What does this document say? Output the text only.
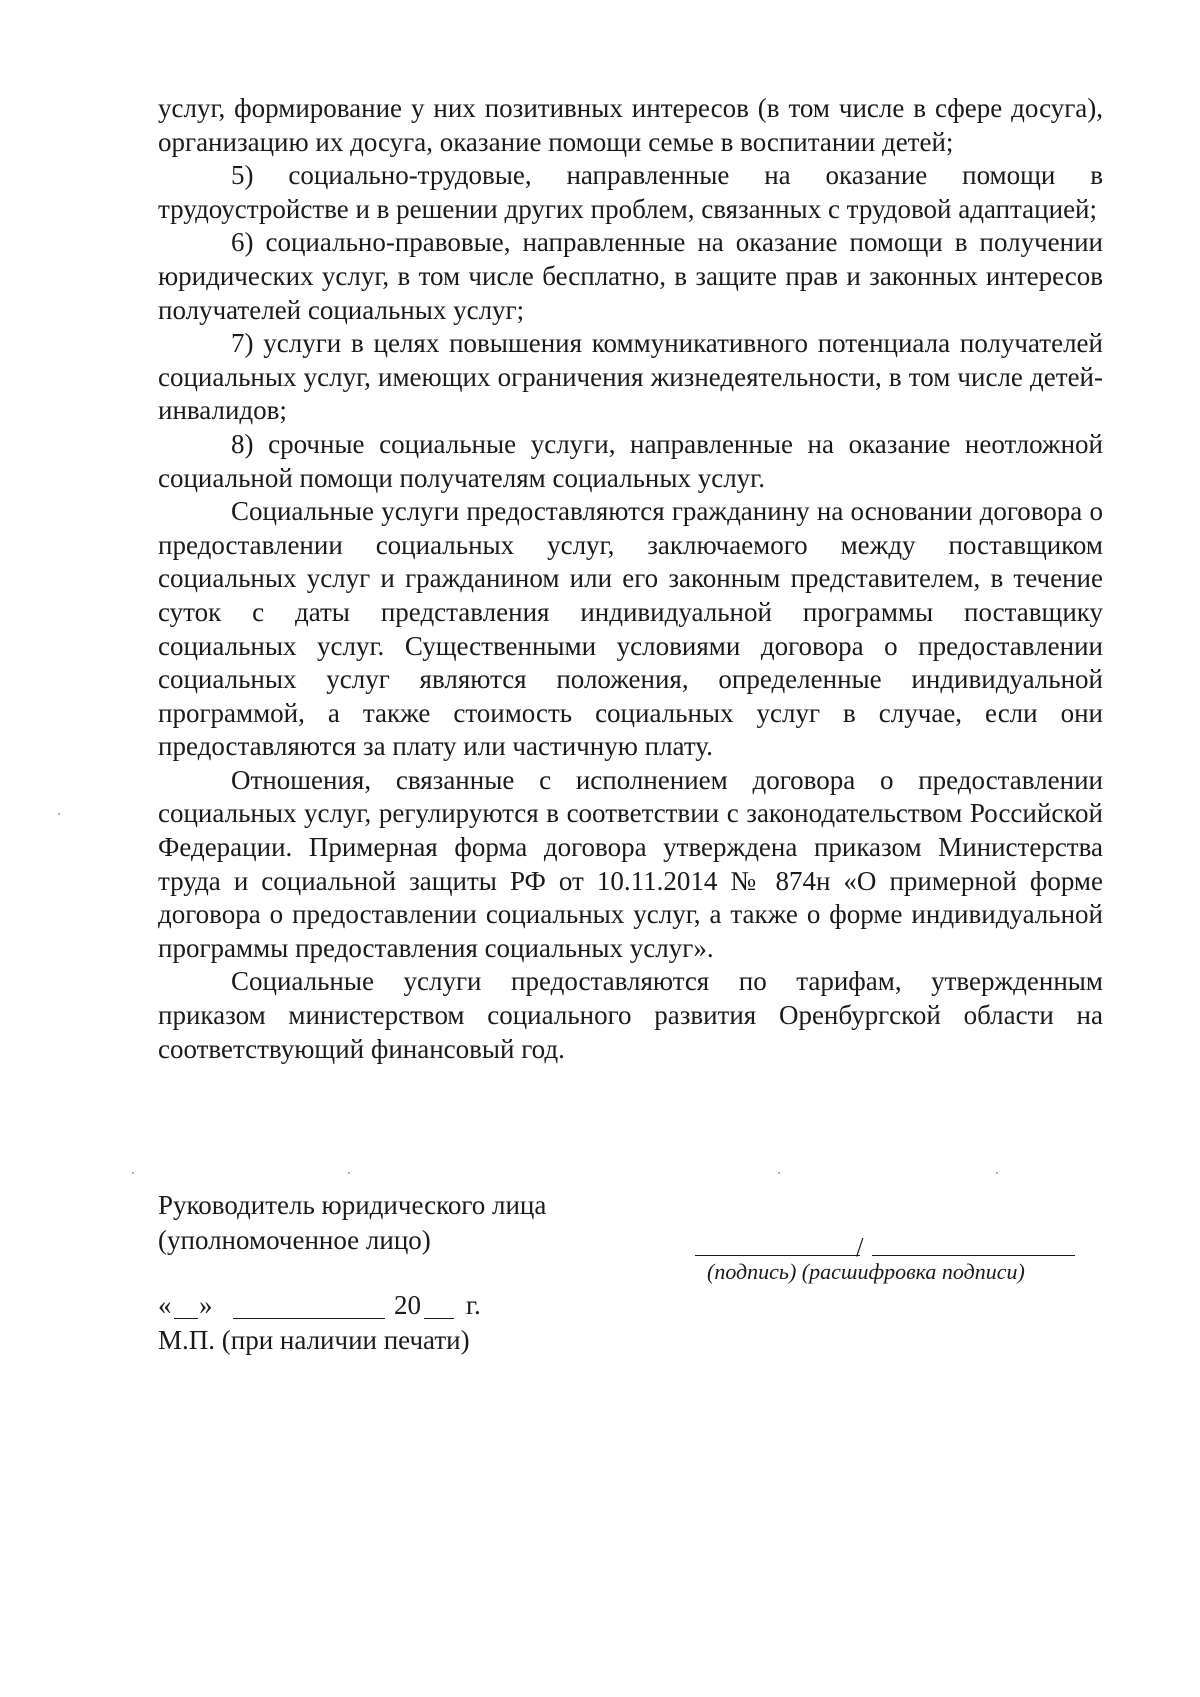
услуг, формирование у них позитивных интересов (в том числе в сфере досуга), организацию их досуга, оказание помощи семье в воспитании детей;

5) социально-трудовые, направленные на оказание помощи в трудоустройстве и в решении других проблем, связанных с трудовой адаптацией;

6) социально-правовые, направленные на оказание помощи в получении юридических услуг, в том числе бесплатно, в защите прав и законных интересов получателей социальных услуг;

7) услуги в целях повышения коммуникативного потенциала получателей социальных услуг, имеющих ограничения жизнедеятельности, в том числе детей-инвалидов;

8) срочные социальные услуги, направленные на оказание неотложной социальной помощи получателям социальных услуг.

Социальные услуги предоставляются гражданину на основании договора о предоставлении социальных услуг, заключаемого между поставщиком социальных услуг и гражданином или его законным представителем, в течение суток с даты представления индивидуальной программы поставщику социальных услуг. Существенными условиями договора о предоставлении социальных услуг являются положения, определенные индивидуальной программой, а также стоимость социальных услуг в случае, если они предоставляются за плату или частичную плату.

Отношения, связанные с исполнением договора о предоставлении социальных услуг, регулируются в соответствии с законодательством Российской Федерации. Примерная форма договора утверждена приказом Министерства труда и социальной защиты РФ от 10.11.2014 № 874н «О примерной форме договора о предоставлении социальных услуг, а также о форме индивидуальной программы предоставления социальных услуг».

Социальные услуги предоставляются по тарифам, утвержденным приказом министерством социального развития Оренбургской области на соответствующий финансовый год.

Руководитель юридического лица
(уполномоченное лицо)	/
(подпись) (расшифровка подписи)
« »	20 г.
М.П. (при наличии печати)
